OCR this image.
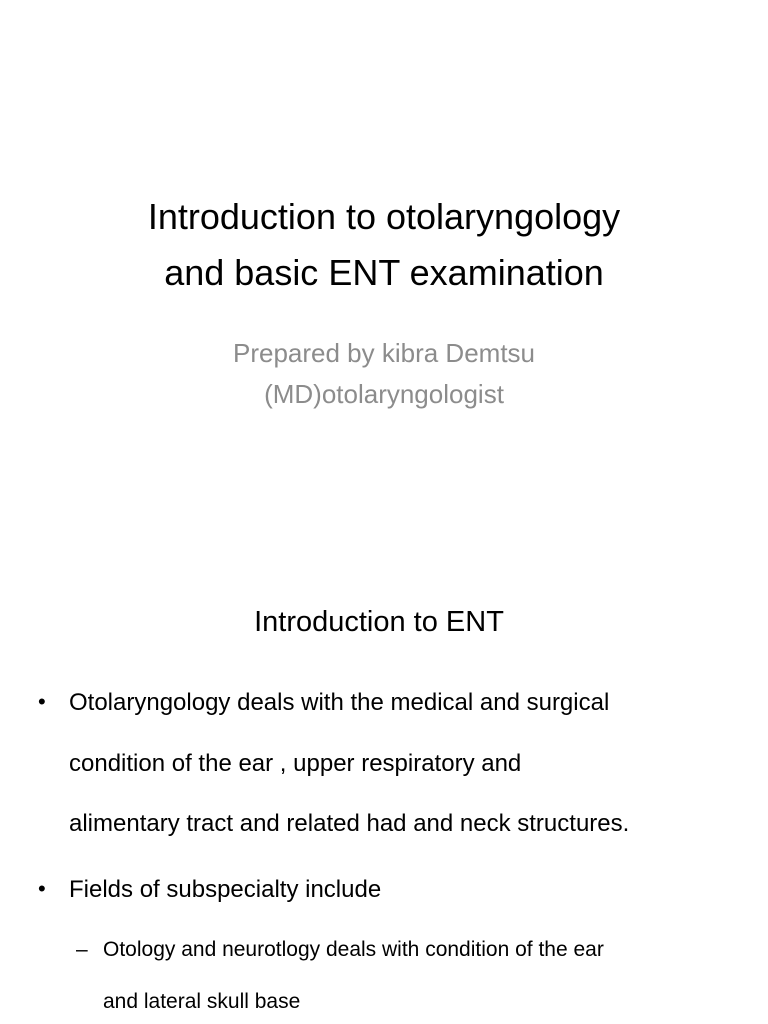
Introduction to otolaryngology
and basic ENT examination
Prepared by kibra Demtsu
(MD)otolaryngologist
Introduction to ENT
• Otolaryngology deals with the medical and surgical
condition of the ear , upper respiratory and
alimentary tract and related had and neck structures.
• Fields of subspecialty include
– Otology and neurotlogy deals with condition of the ear
and lateral skull base
